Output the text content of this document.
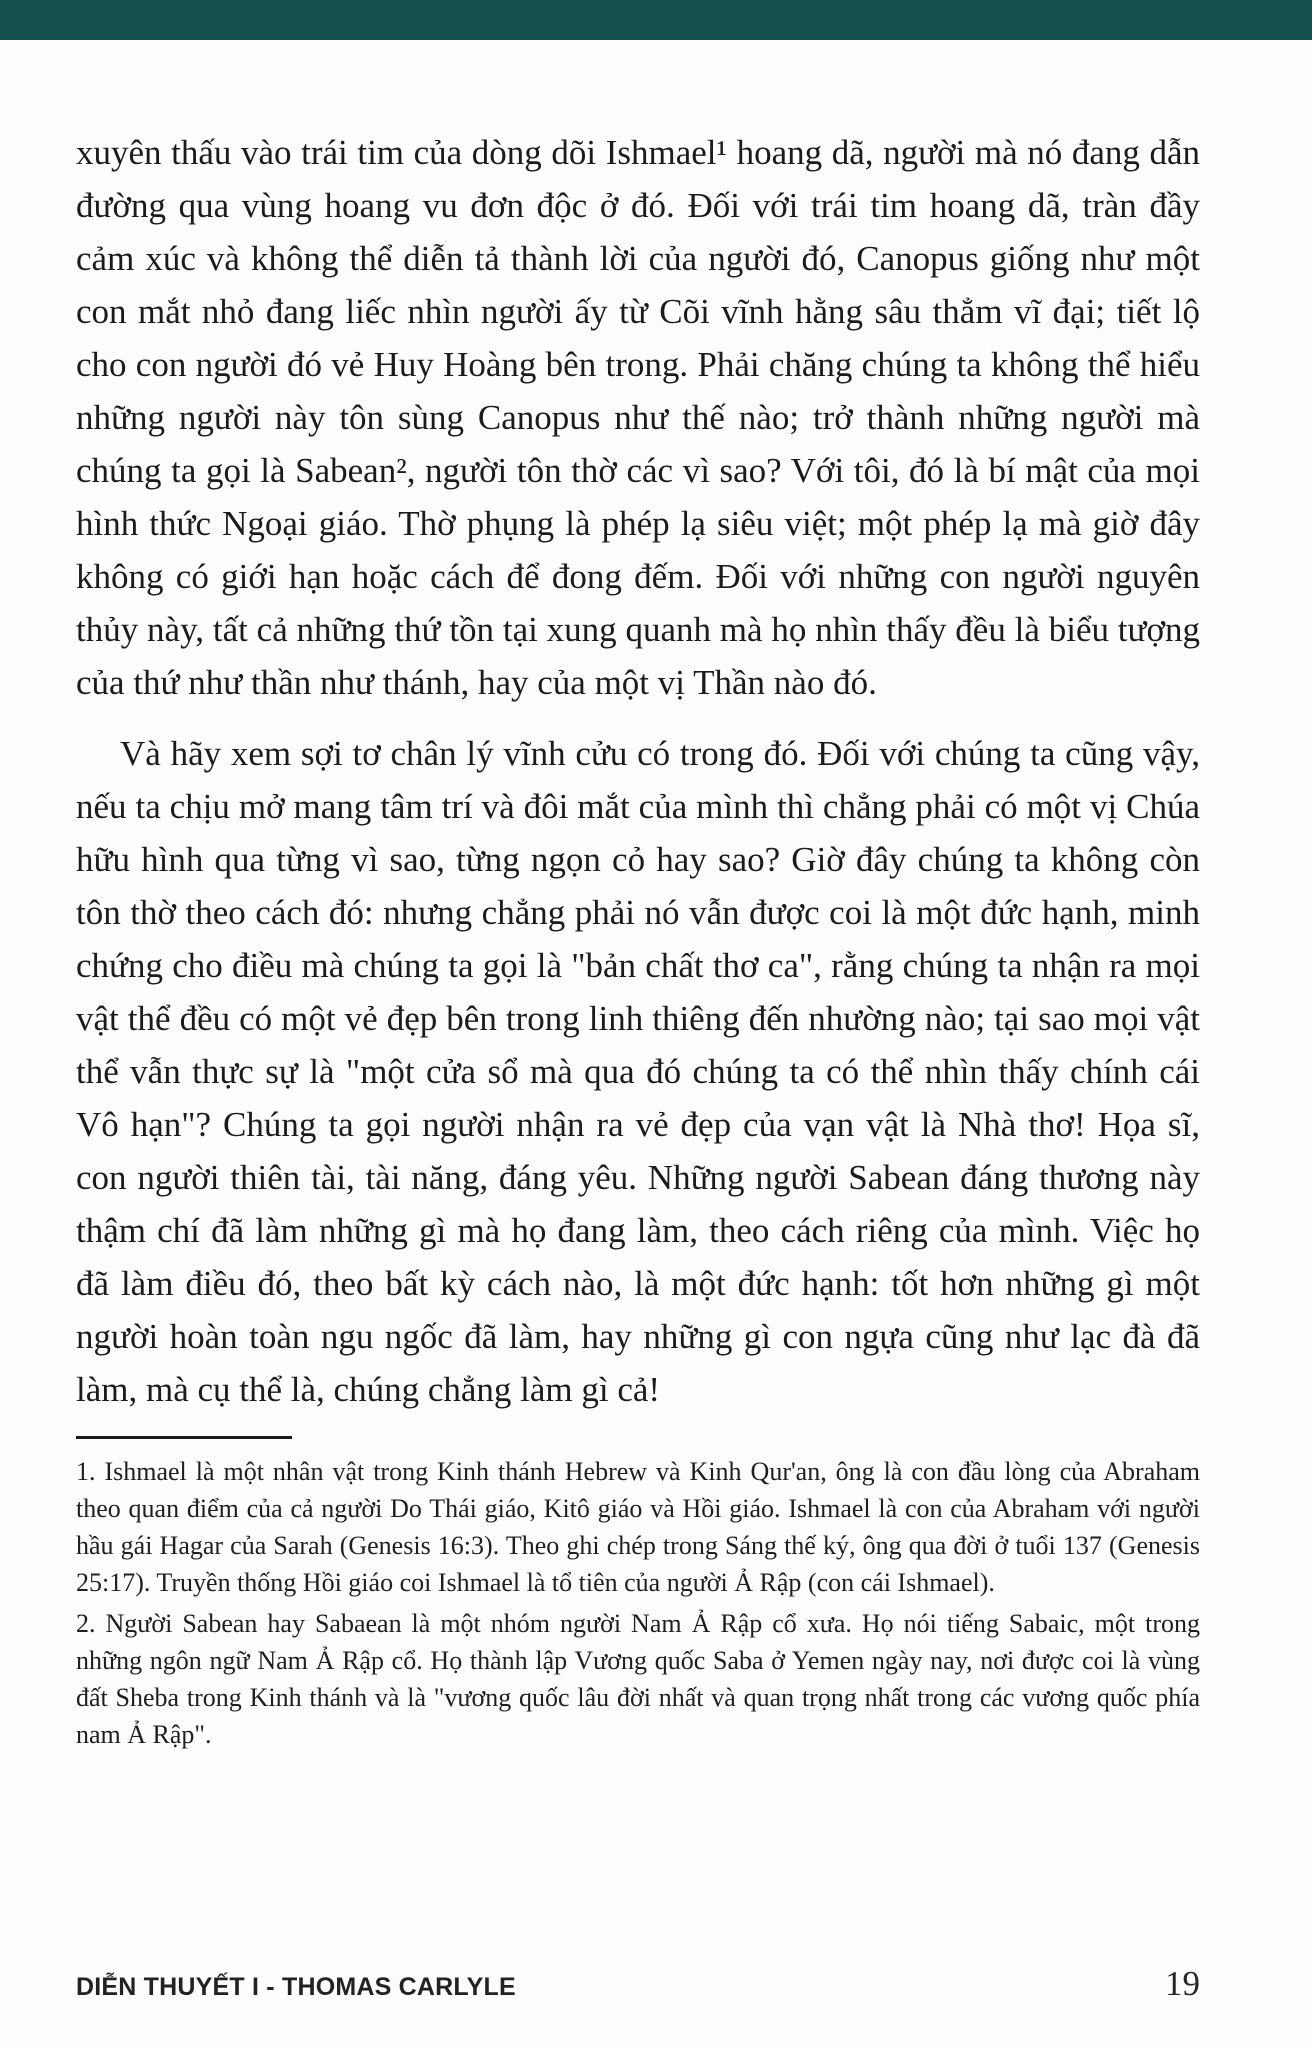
xuyên thấu vào trái tim của dòng dõi Ishmael¹ hoang dã, người mà nó đang dẫn đường qua vùng hoang vu đơn độc ở đó. Đối với trái tim hoang dã, tràn đầy cảm xúc và không thể diễn tả thành lời của người đó, Canopus giống như một con mắt nhỏ đang liếc nhìn người ấy từ Cõi vĩnh hằng sâu thẳm vĩ đại; tiết lộ cho con người đó vẻ Huy Hoàng bên trong. Phải chăng chúng ta không thể hiểu những người này tôn sùng Canopus như thế nào; trở thành những người mà chúng ta gọi là Sabean², người tôn thờ các vì sao? Với tôi, đó là bí mật của mọi hình thức Ngoại giáo. Thờ phụng là phép lạ siêu việt; một phép lạ mà giờ đây không có giới hạn hoặc cách để đong đếm. Đối với những con người nguyên thủy này, tất cả những thứ tồn tại xung quanh mà họ nhìn thấy đều là biểu tượng của thứ như thần như thánh, hay của một vị Thần nào đó.

Và hãy xem sợi tơ chân lý vĩnh cửu có trong đó. Đối với chúng ta cũng vậy, nếu ta chịu mở mang tâm trí và đôi mắt của mình thì chẳng phải có một vị Chúa hữu hình qua từng vì sao, từng ngọn cỏ hay sao? Giờ đây chúng ta không còn tôn thờ theo cách đó: nhưng chẳng phải nó vẫn được coi là một đức hạnh, minh chứng cho điều mà chúng ta gọi là "bản chất thơ ca", rằng chúng ta nhận ra mọi vật thể đều có một vẻ đẹp bên trong linh thiêng đến nhường nào; tại sao mọi vật thể vẫn thực sự là "một cửa sổ mà qua đó chúng ta có thể nhìn thấy chính cái Vô hạn"? Chúng ta gọi người nhận ra vẻ đẹp của vạn vật là Nhà thơ! Họa sĩ, con người thiên tài, tài năng, đáng yêu. Những người Sabean đáng thương này thậm chí đã làm những gì mà họ đang làm, theo cách riêng của mình. Việc họ đã làm điều đó, theo bất kỳ cách nào, là một đức hạnh: tốt hơn những gì một người hoàn toàn ngu ngốc đã làm, hay những gì con ngựa cũng như lạc đà đã làm, mà cụ thể là, chúng chẳng làm gì cả!

1. Ishmael là một nhân vật trong Kinh thánh Hebrew và Kinh Qur'an, ông là con đầu lòng của Abraham theo quan điểm của cả người Do Thái giáo, Kitô giáo và Hồi giáo. Ishmael là con của Abraham với người hầu gái Hagar của Sarah (Genesis 16:3). Theo ghi chép trong Sáng thế ký, ông qua đời ở tuổi 137 (Genesis 25:17). Truyền thống Hồi giáo coi Ishmael là tổ tiên của người Ả Rập (con cái Ishmael).

2. Người Sabean hay Sabaean là một nhóm người Nam Ả Rập cổ xưa. Họ nói tiếng Sabaic, một trong những ngôn ngữ Nam Ả Rập cổ. Họ thành lập Vương quốc Saba ở Yemen ngày nay, nơi được coi là vùng đất Sheba trong Kinh thánh và là "vương quốc lâu đời nhất và quan trọng nhất trong các vương quốc phía nam Ả Rập".

DIỄN THUYẾT I - THOMAS CARLYLE	19
